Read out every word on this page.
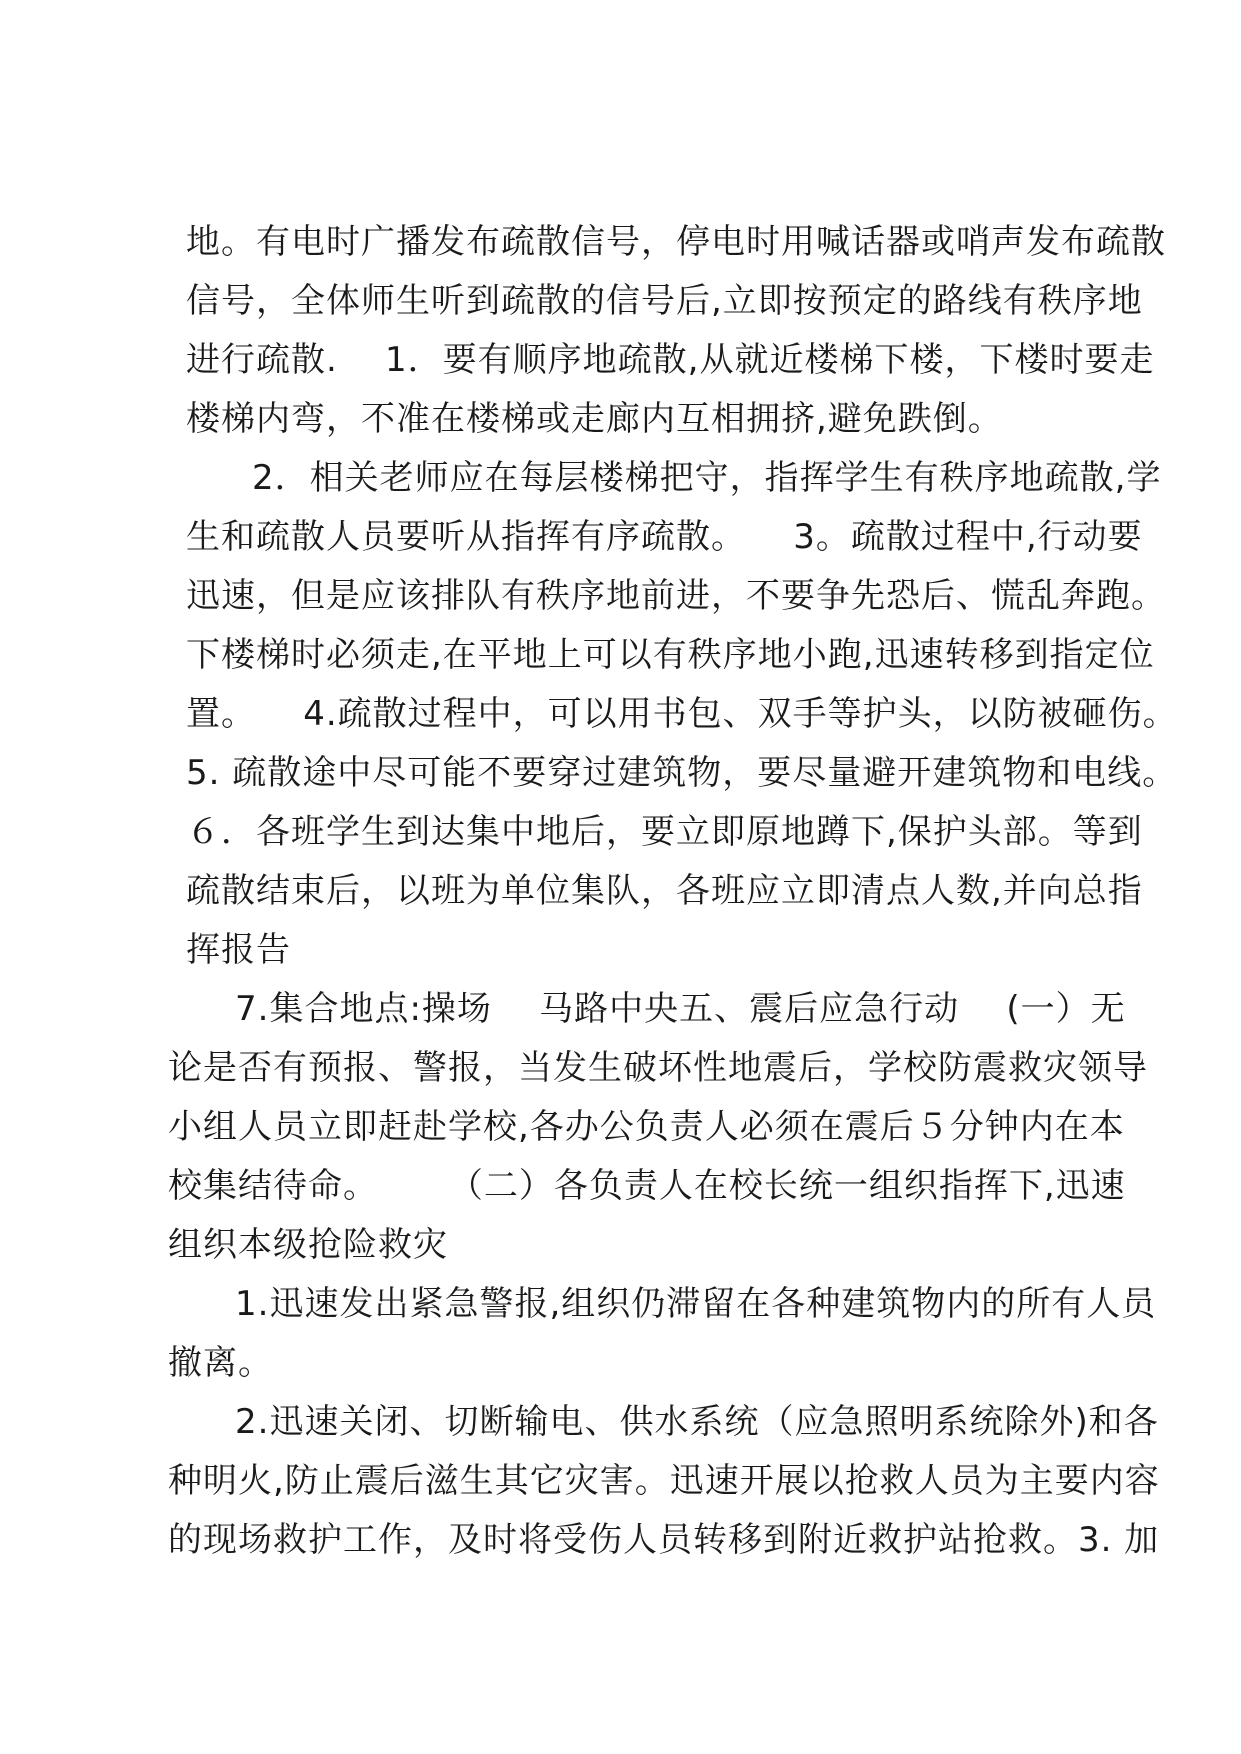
地。有电时广播发布疏散信号，停电时用喊话器或哨声发布疏散
信号，全体师生听到疏散的信号后,立即按预定的路线有秩序地
进行疏散.    1．要有顺序地疏散,从就近楼梯下楼，下楼时要走
楼梯内弯，不准在楼梯或走廊内互相拥挤,避免跌倒。
2．相关老师应在每层楼梯把守，指挥学生有秩序地疏散,学
生和疏散人员要听从指挥有序疏散。    3。疏散过程中,行动要
迅速，但是应该排队有秩序地前进，不要争先恐后、慌乱奔跑。
下楼梯时必须走,在平地上可以有秩序地小跑,迅速转移到指定位
置。    4.疏散过程中，可以用书包、双手等护头，以防被砸伤。
5. 疏散途中尽可能不要穿过建筑物，要尽量避开建筑物和电线。
６．各班学生到达集中地后，要立即原地蹲下,保护头部。等到
疏散结束后，以班为单位集队，各班应立即清点人数,并向总指
挥报告
7.集合地点:操场    马路中央五、震后应急行动    (一）无
论是否有预报、警报，当发生破坏性地震后，学校防震救灾领导
小组人员立即赶赴学校,各办公负责人必须在震后５分钟内在本
校集结待命。      （二）各负责人在校长统一组织指挥下,迅速
组织本级抢险救灾
1.迅速发出紧急警报,组织仍滞留在各种建筑物内的所有人员
撤离。
2.迅速关闭、切断输电、供水系统（应急照明系统除外)和各
种明火,防止震后滋生其它灾害。迅速开展以抢救人员为主要内容
的现场救护工作，及时将受伤人员转移到附近救护站抢救。3. 加
